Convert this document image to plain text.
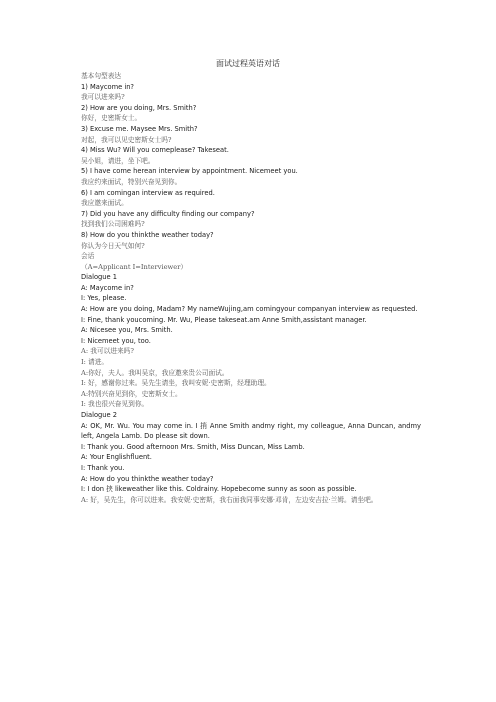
面试过程英语对话
基本句型表达
1) Maycome in?
我可以进来吗?
2) How are you doing, Mrs. Smith?
你好，史密斯女士。
3) Excuse me. Maysee Mrs. Smith?
对起，我可以见史密斯女士吗?
4) Miss Wu? Will you comeplease? Takeseat.
吴小姐，请进，坐下吧。
5) I have come herean interview by appointment. Nicemeet you.
我应约来面试，特别兴奋见到你。
6) I am comingan interview as required.
我应邀来面试。
7) Did you have any difficulty finding our company?
找到我们公司困难吗?
8) How do you thinkthe weather today?
你认为今日天气如何?
会话
（A=Applicant I=Interviewer）
Dialogue 1
A: Maycome in?
I: Yes, please.
A: How are you doing, Madam? My nameWujing,am comingyour companyan interview as requested.
I: Fine, thank youcoming. Mr. Wu, Please takeseat.am Anne Smith,assistant manager.
A: Nicesee you, Mrs. Smith.
I: Nicemeet you, too.
A: 我可以进来吗?
I: 请进。
A:你好，夫人。我叫吴京，我应邀来贵公司面试。
I: 好，感谢你过来。吴先生请坐，我叫安妮·史密斯，经理助理。
A:特别兴奋见到你，史密斯女士。
I: 我也很兴奋见到你。
Dialogue 2
A: OK, Mr. Wu. You may come in. I 捎 Anne Smith andmy right, my colleague, Anna Duncan, andmy left, Angela Lamb. Do please sit down.
I: Thank you. Good afternoon Mrs. Smith, Miss Duncan, Miss Lamb.
A: Your Englishfluent.
I: Thank you.
A: How do you thinkthe weather today?
I: I don 挟 likeweather like this. Coldrainy. Hopebecome sunny as soon as possible.
A: 好，吴先生，你可以进来。我安妮·史密斯，我右面我同事安娜·邓肯，左边安吉拉·兰姆。请坐吧。
